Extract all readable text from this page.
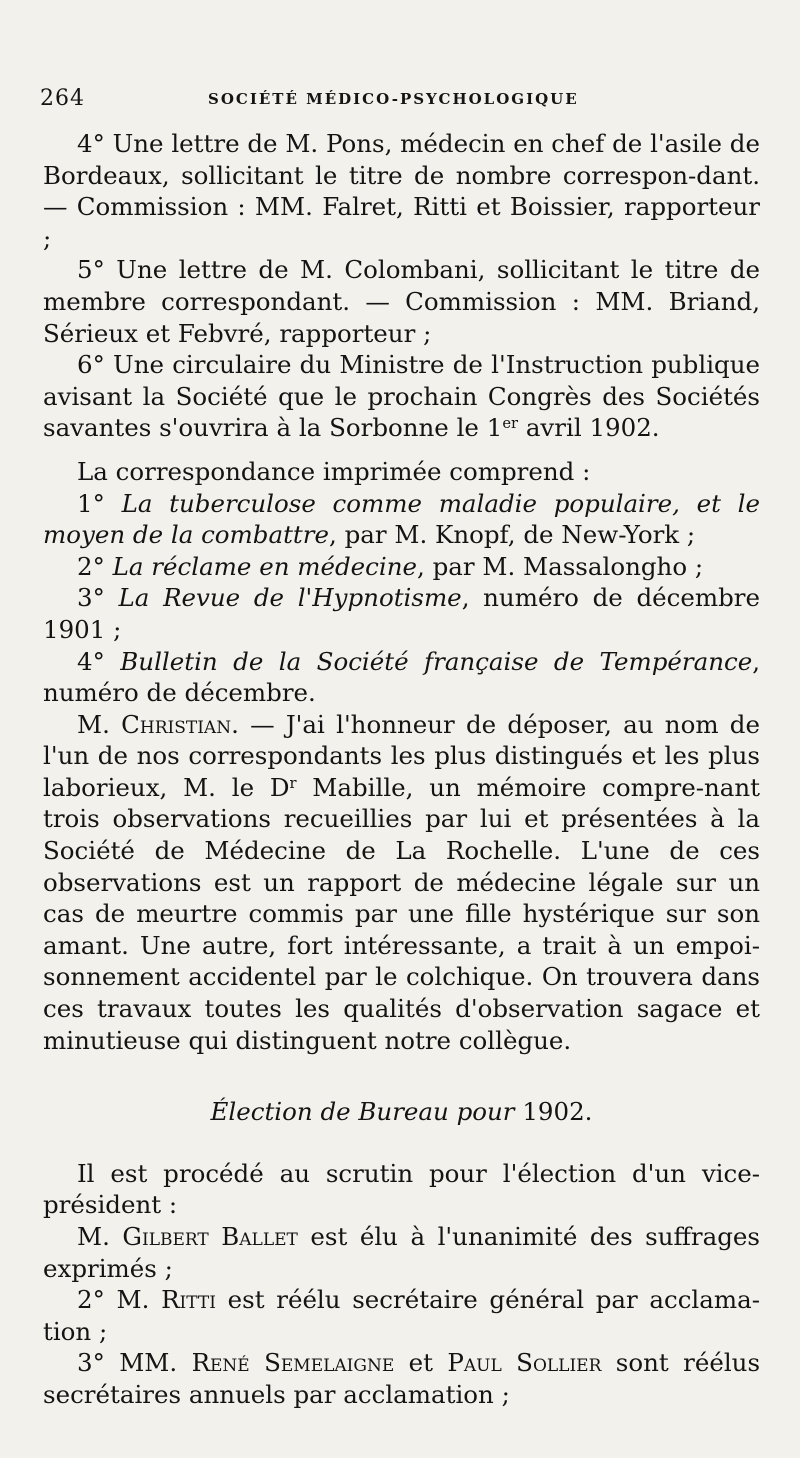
264	SOCIÉTÉ MÉDICO-PSYCHOLOGIQUE

4° Une lettre de M. Pons, médecin en chef de l'asile de Bordeaux, sollicitant le titre de nombre correspon-dant. — Commission : MM. Falret, Ritti et Boissier, rapporteur ;

5° Une lettre de M. Colombani, sollicitant le titre de membre correspondant. — Commission : MM. Briand, Sérieux et Febvré, rapporteur ;

6° Une circulaire du Ministre de l'Instruction publique avisant la Société que le prochain Congrès des Sociétés savantes s'ouvrira à la Sorbonne le 1er avril 1902.

La correspondance imprimée comprend :

1° La tuberculose comme maladie populaire, et le moyen de la combattre, par M. Knopf, de New-York ;

2° La réclame en médecine, par M. Massalongho ;

3° La Revue de l'Hypnotisme, numéro de décembre 1901 ;

4° Bulletin de la Société française de Tempérance, numéro de décembre.

M. Christian. — J'ai l'honneur de déposer, au nom de l'un de nos correspondants les plus distingués et les plus laborieux, M. le $D^r$ Mabille, un mémoire compre-nant trois observations recueillies par lui et présentées à la Société de Médecine de La Rochelle. L'une de ces observations est un rapport de médecine légale sur un cas de meurtre commis par une fille hystérique sur son amant. Une autre, fort intéressante, a trait à un empoi-sonnement accidentel par le colchique. On trouvera dans ces travaux toutes les qualités d'observation sagace et minutieuse qui distinguent notre collègue.

Élection de Bureau pour 1902.

Il est procédé au scrutin pour l'élection d'un vice-président :

M. Gilbert Ballet est élu à l'unanimité des suffrages exprimés ;

2° M. Ritti est réélu secrétaire général par acclama-tion ;

3° MM. René Semelaigne et Paul Sollier sont réélus secrétaires annuels par acclamation ;
